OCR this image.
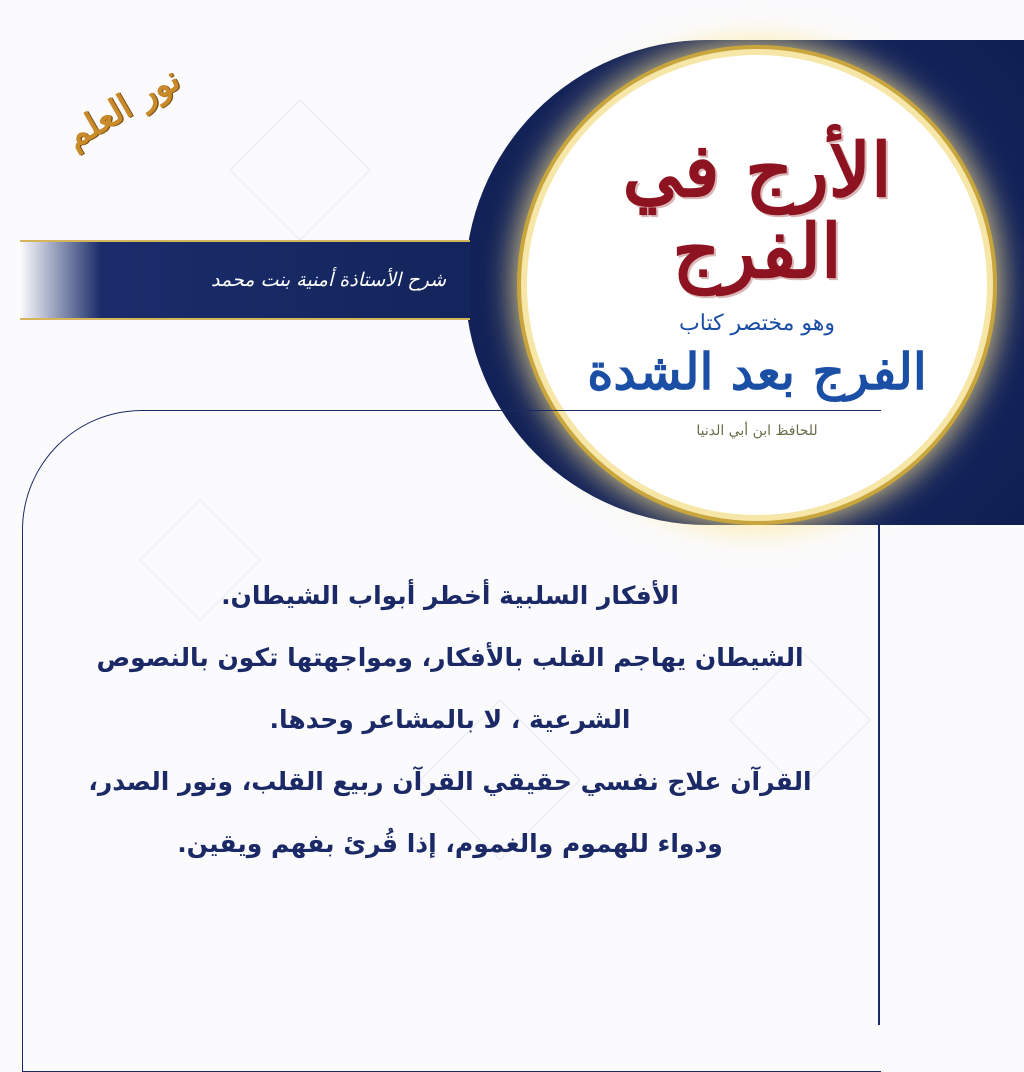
نور العلم
الأرج في الفرج
وهو مختصر كتاب
الفرج بعد الشدة
للحافظ ابن أبي الدنيا
شرح الأستاذة أمنية بنت محمد

الأفكار السلبية أخطر أبواب الشيطان.

الشيطان يهاجم القلب بالأفكار، ومواجهتها تكون بالنصوص

الشرعية ، لا بالمشاعر وحدها.

القرآن علاج نفسي حقيقي القرآن ربيع القلب، ونور الصدر،

ودواء للهموم والغموم، إذا قُرئ بفهم ويقين.
